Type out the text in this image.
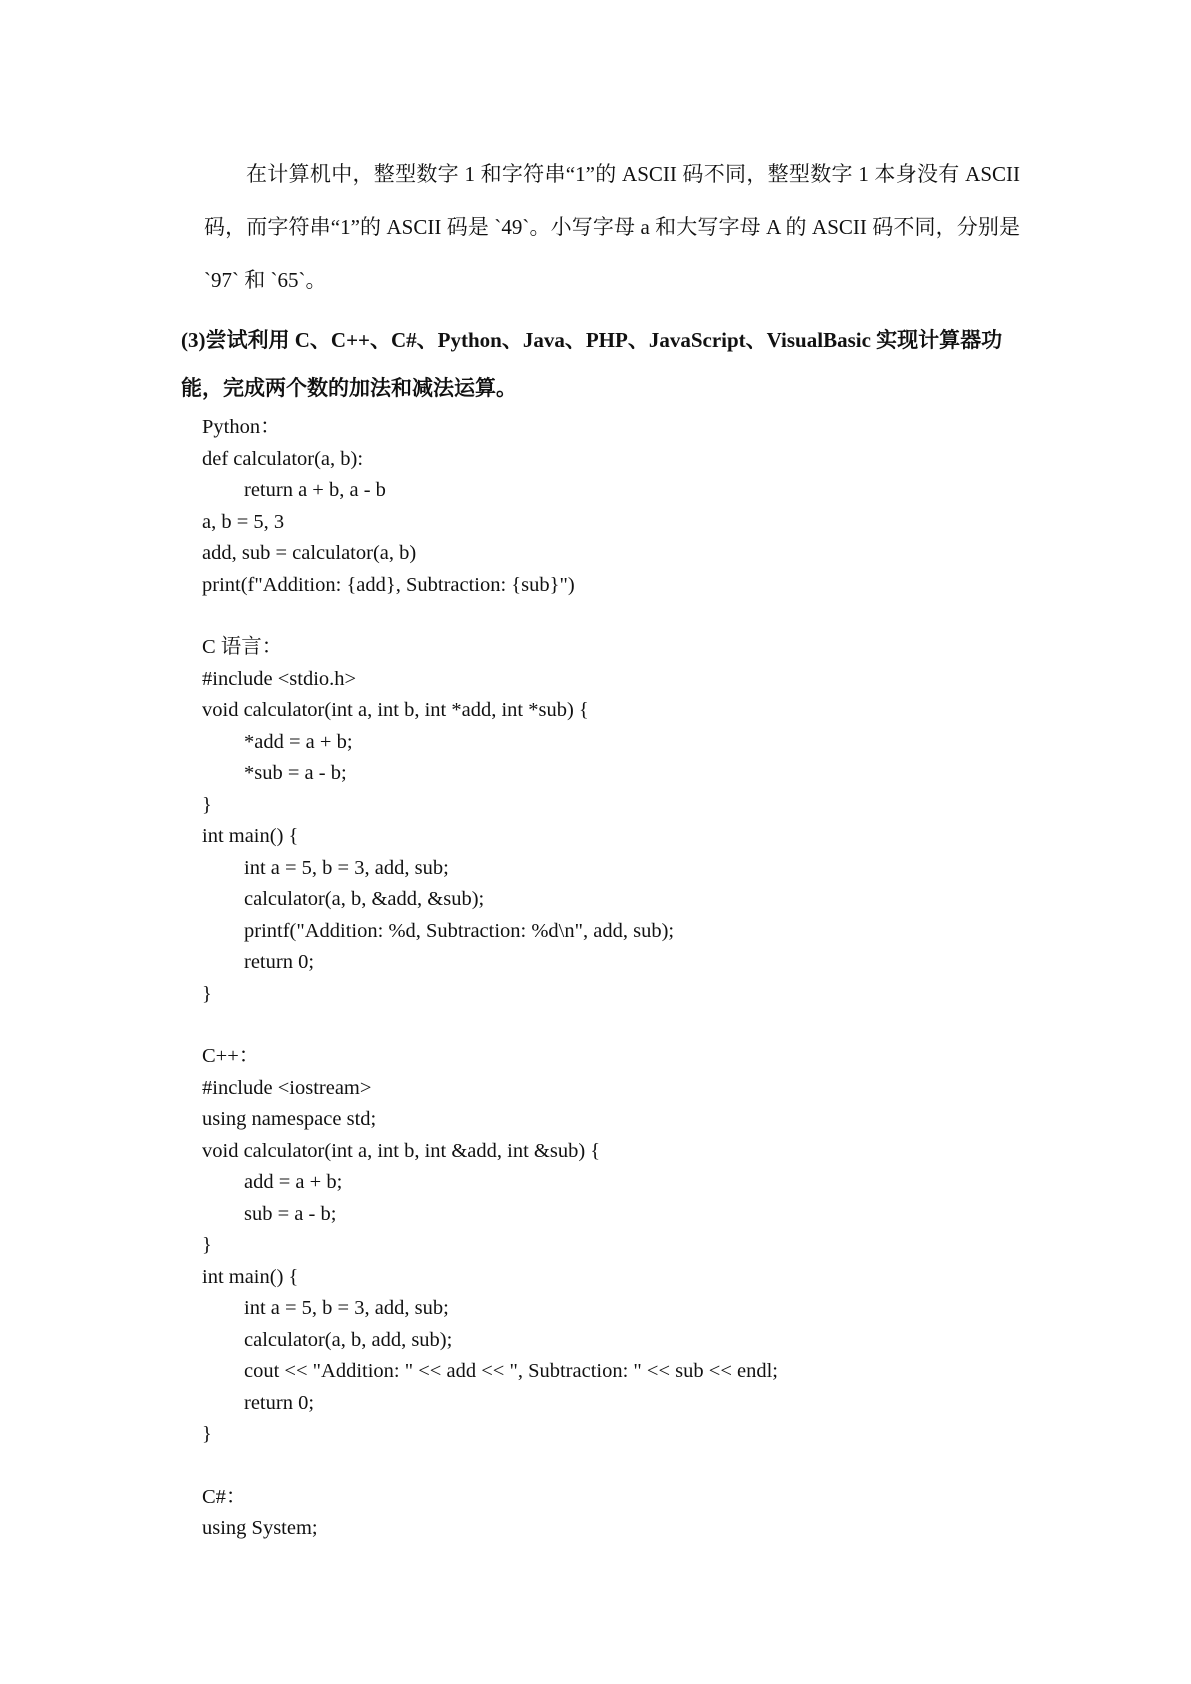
在计算机中，整型数字 1 和字符串“1”的 ASCII 码不同，整型数字 1 本身没有 ASCII 码，而字符串“1”的 ASCII 码是 `49`。小写字母 a 和大写字母 A 的 ASCII 码不同，分别是 `97` 和 `65`。

(3)尝试利用 C、C++、C#、Python、Java、PHP、JavaScript、VisualBasic 实现计算器功能，完成两个数的加法和减法运算。

Python：
def calculator(a, b):
return a + b, a - b
a, b = 5, 3
add, sub = calculator(a, b)
print(f"Addition: {add}, Subtraction: {sub}")
C 语言：
#include <stdio.h>
void calculator(int a, int b, int *add, int *sub) {
*add = a + b;
*sub = a - b;
}
int main() {
int a = 5, b = 3, add, sub;
calculator(a, b, &add, &sub);
printf("Addition: %d, Subtraction: %d\n", add, sub);
return 0;
}
C++：
#include <iostream>
using namespace std;
void calculator(int a, int b, int &add, int &sub) {
add = a + b;
sub = a - b;
}
int main() {
int a = 5, b = 3, add, sub;
calculator(a, b, add, sub);
cout << "Addition: " << add << ", Subtraction: " << sub << endl;
return 0;
}
C#：
using System;
